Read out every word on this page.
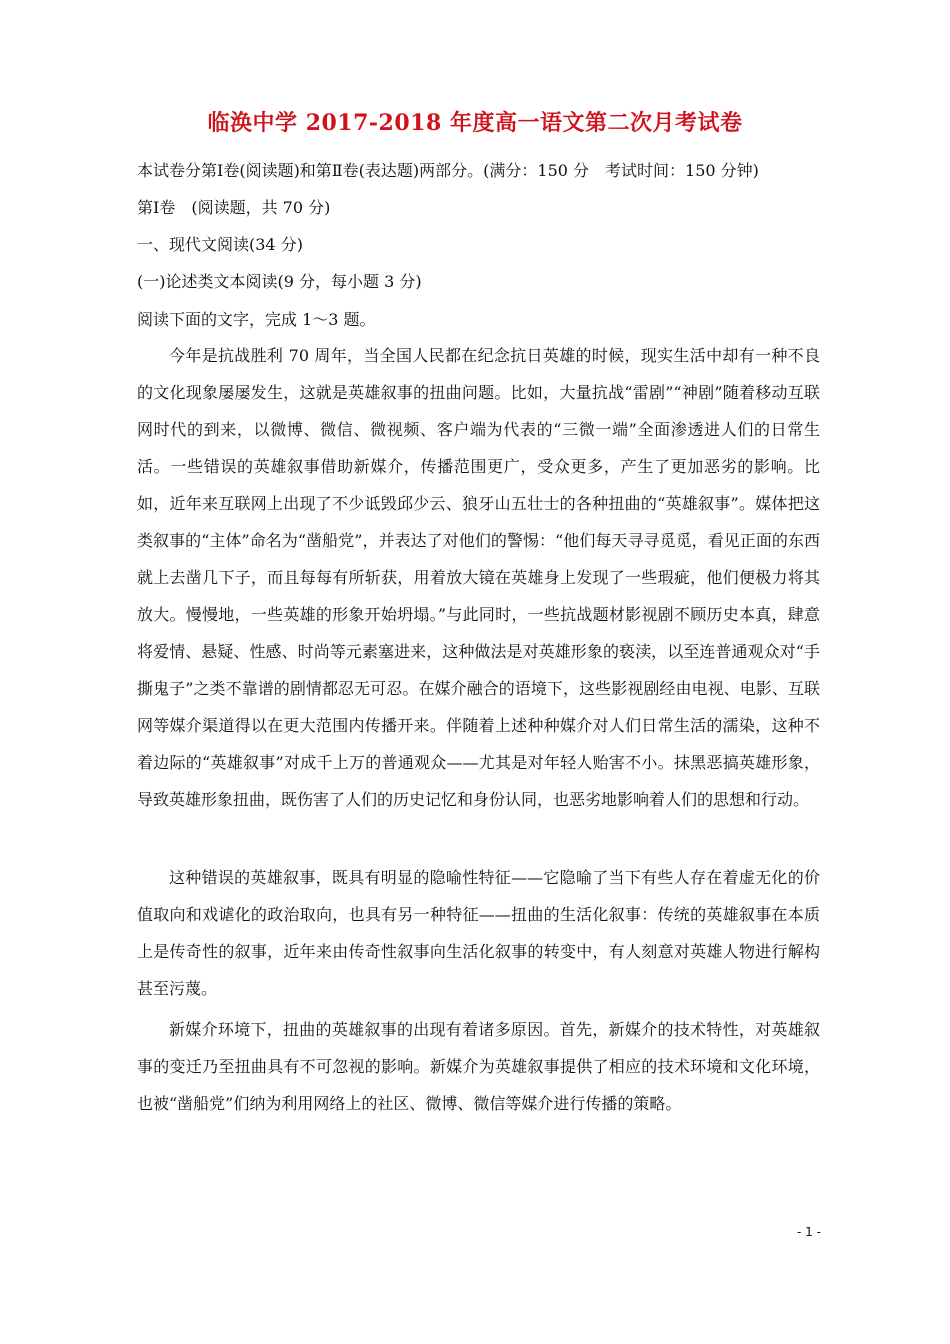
临涣中学 2017-2018 年度高一语文第二次月考试卷
本试卷分第Ⅰ卷(阅读题)和第Ⅱ卷(表达题)两部分。(满分：150 分　考试时间：150 分钟)
第Ⅰ卷　(阅读题，共 70 分)
一、现代文阅读(34 分)
(一)论述类文本阅读(9 分，每小题 3 分)
阅读下面的文字，完成 1～3 题。
今年是抗战胜利 70 周年，当全国人民都在纪念抗日英雄的时候，现实生活中却有一种不良的文化现象屡屡发生，这就是英雄叙事的扭曲问题。比如，大量抗战“雷剧”“神剧”随着移动互联网时代的到来，以微博、微信、微视频、客户端为代表的“三微一端”全面渗透进人们的日常生活。一些错误的英雄叙事借助新媒介，传播范围更广，受众更多，产生了更加恶劣的影响。比如，近年来互联网上出现了不少诋毁邱少云、狼牙山五壮士的各种扭曲的“英雄叙事”。媒体把这类叙事的“主体”命名为“凿船党”，并表达了对他们的警惕：“他们每天寻寻觅觅，看见正面的东西就上去凿几下子，而且每每有所斩获，用着放大镜在英雄身上发现了一些瑕疵，他们便极力将其放大。慢慢地，一些英雄的形象开始坍塌。”与此同时，一些抗战题材影视剧不顾历史本真，肆意将爱情、悬疑、性感、时尚等元素塞进来，这种做法是对英雄形象的亵渎，以至连普通观众对“手撕鬼子”之类不靠谱的剧情都忍无可忍。在媒介融合的语境下，这些影视剧经由电视、电影、互联网等媒介渠道得以在更大范围内传播开来。伴随着上述种种媒介对人们日常生活的濡染，这种不着边际的“英雄叙事”对成千上万的普通观众——尤其是对年轻人贻害不小。抹黑恶搞英雄形象，导致英雄形象扭曲，既伤害了人们的历史记忆和身份认同，也恶劣地影响着人们的思想和行动。
这种错误的英雄叙事，既具有明显的隐喻性特征——它隐喻了当下有些人存在着虚无化的价值取向和戏谑化的政治取向，也具有另一种特征——扭曲的生活化叙事：传统的英雄叙事在本质上是传奇性的叙事，近年来由传奇性叙事向生活化叙事的转变中，有人刻意对英雄人物进行解构甚至污蔑。
新媒介环境下，扭曲的英雄叙事的出现有着诸多原因。首先，新媒介的技术特性，对英雄叙事的变迁乃至扭曲具有不可忽视的影响。新媒介为英雄叙事提供了相应的技术环境和文化环境，也被“凿船党”们纳为利用网络上的社区、微博、微信等媒介进行传播的策略。
- 1 -
